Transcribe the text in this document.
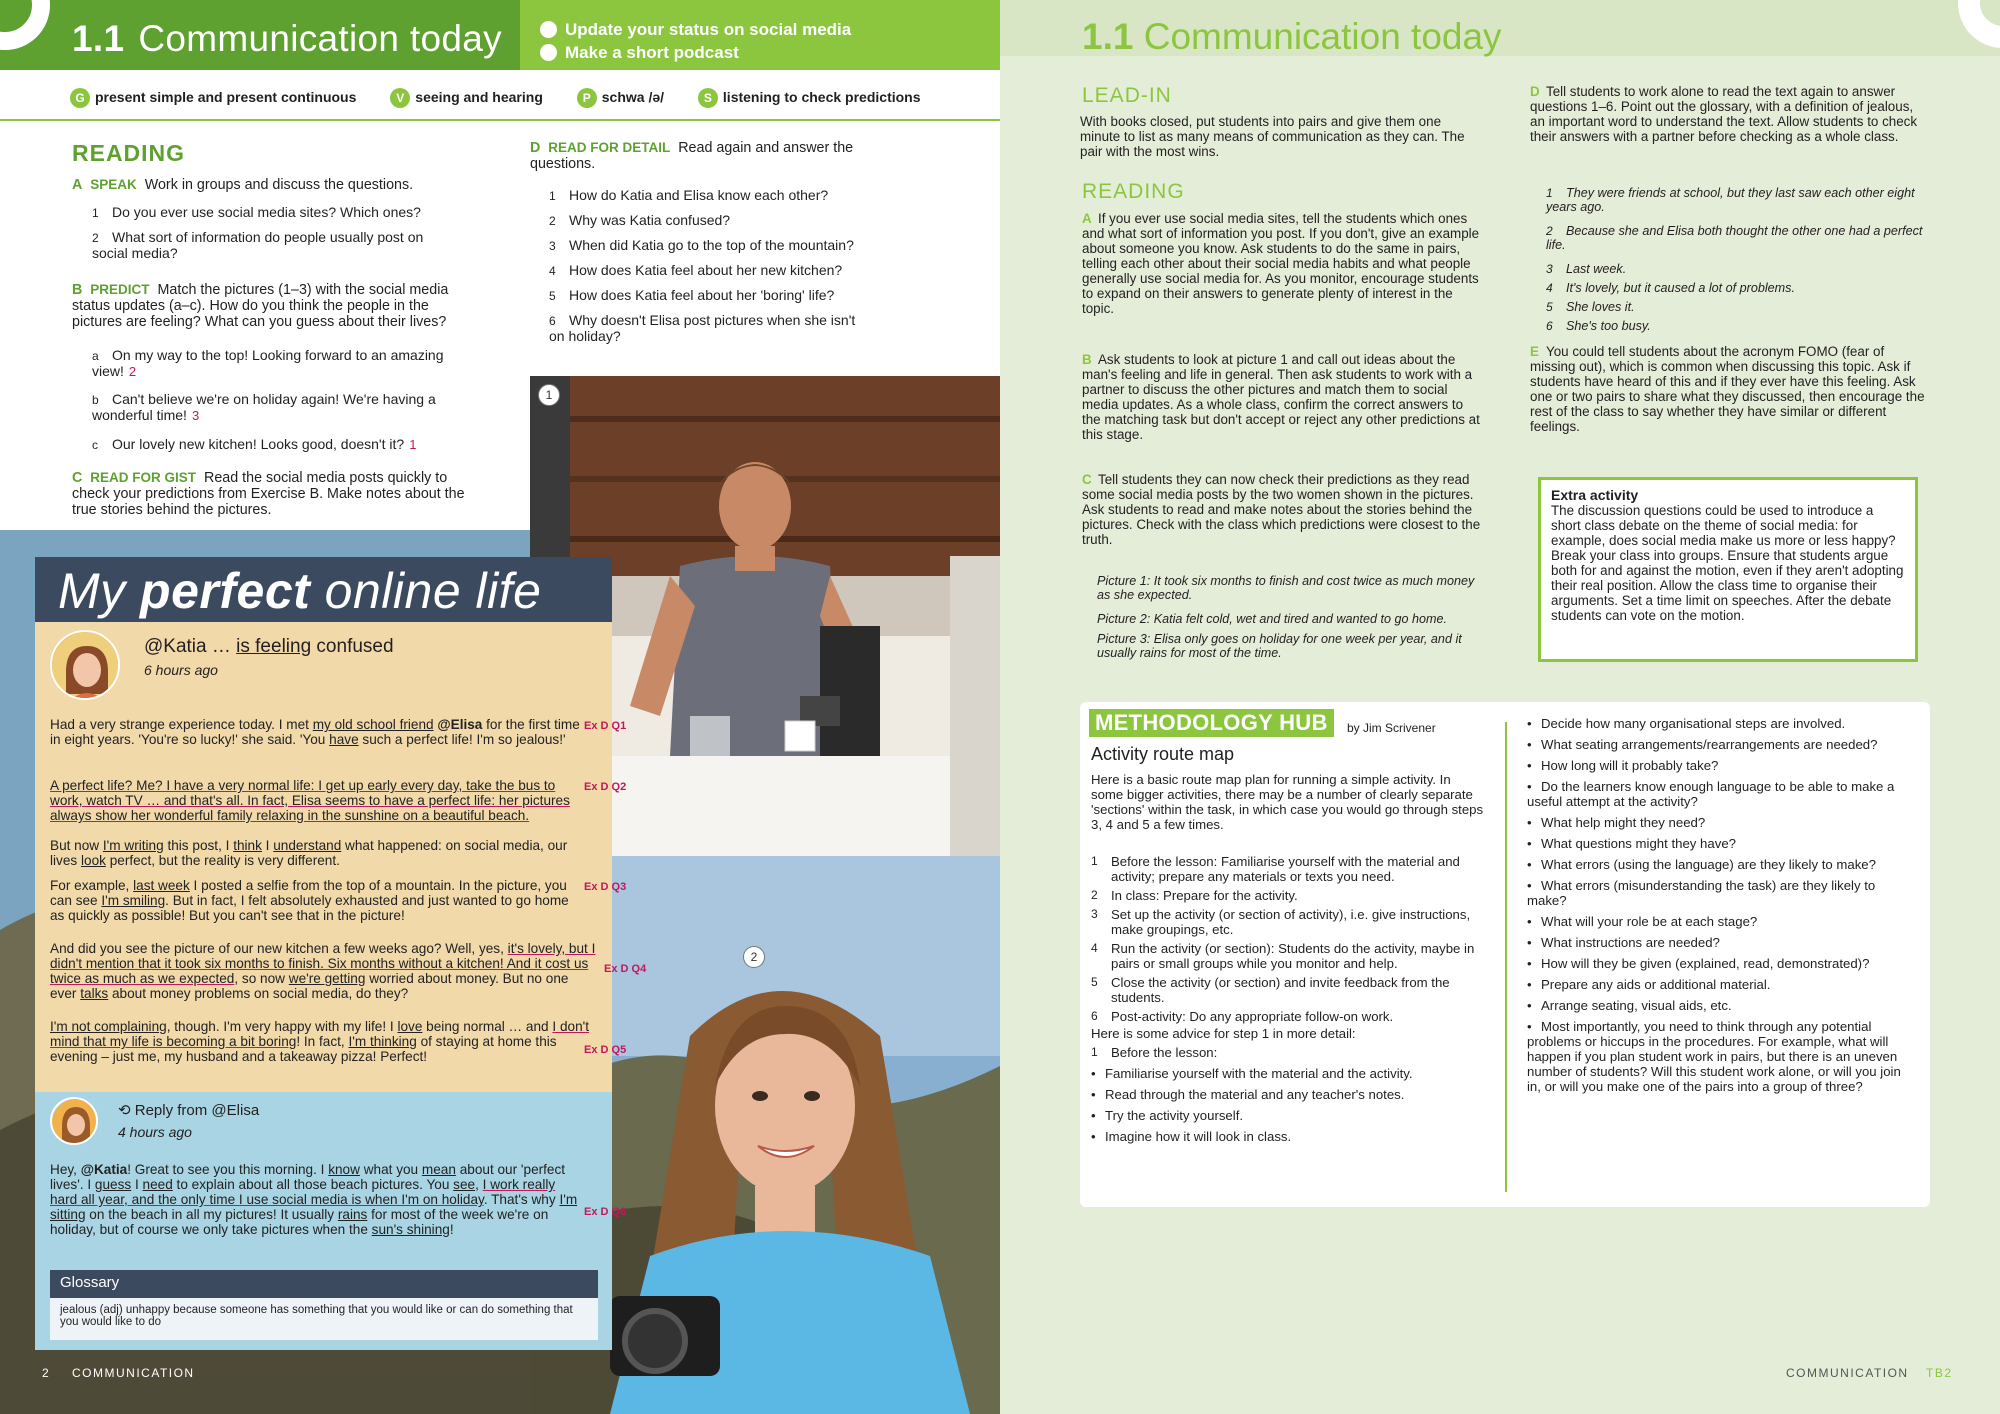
1.1 Communication today	Update your status on social media
Make a short podcast
G present simple and present continuous	V seeing and hearing	P schwa /ə/	S listening to check predictions
READING
A SPEAK Work in groups and discuss the questions.
1 Do you ever use social media sites? Which ones?
2 What sort of information do people usually post on social media?
B PREDICT Match the pictures (1–3) with the social media status updates (a–c). How do you think the people in the pictures are feeling? What can you guess about their lives?
a On my way to the top! Looking forward to an amazing view! 2
b Can't believe we're on holiday again! We're having a wonderful time! 3
c Our lovely new kitchen! Looks good, doesn't it? 1
C READ FOR GIST Read the social media posts quickly to check your predictions from Exercise B. Make notes about the true stories behind the pictures.
D READ FOR DETAIL Read again and answer the questions.
1 How do Katia and Elisa know each other?
2 Why was Katia confused?
3 When did Katia go to the top of the mountain?
4 How does Katia feel about her new kitchen?
5 How does Katia feel about her 'boring' life?
6 Why doesn't Elisa post pictures when she isn't on holiday?
1
2
My perfect online life
@Katia … is feeling confused
6 hours ago
Had a very strange experience today. I met my old school friend @Elisa for the first time in eight years. 'You're so lucky!' she said. 'You have such a perfect life! I'm so jealous!'
A perfect life? Me? I have a very normal life: I get up early every day, take the bus to work, watch TV … and that's all. In fact, Elisa seems to have a perfect life: her pictures always show her wonderful family relaxing in the sunshine on a beautiful beach.
But now I'm writing this post, I think I understand what happened: on social media, our lives look perfect, but the reality is very different.
For example, last week I posted a selfie from the top of a mountain. In the picture, you can see I'm smiling. But in fact, I felt absolutely exhausted and just wanted to go home as quickly as possible! But you can't see that in the picture!
And did you see the picture of our new kitchen a few weeks ago? Well, yes, it's lovely, but I didn't mention that it took six months to finish. Six months without a kitchen! And it cost us twice as much as we expected, so now we're getting worried about money. But no one ever talks about money problems on social media, do they?
I'm not complaining, though. I'm very happy with my life! I love being normal … and I don't mind that my life is becoming a bit boring! In fact, I'm thinking of staying at home this evening – just me, my husband and a takeaway pizza! Perfect!
Ex D Q1
Ex D Q2
Ex D Q3
Ex D Q4
Ex D Q5
⟲ Reply from @Elisa
4 hours ago
Hey, @Katia! Great to see you this morning. I know what you mean about our 'perfect lives'. I guess I need to explain about all those beach pictures. You see, I work really hard all year, and the only time I use social media is when I'm on holiday. That's why I'm sitting on the beach in all my pictures! It usually rains for most of the week we're on holiday, but of course we only take pictures when the sun's shining!
Ex D Q6
Glossary
jealous (adj) unhappy because someone has something that you would like or can do something that you would like to do
2 COMMUNICATION
1.1 Communication today
LEAD-IN
With books closed, put students into pairs and give them one minute to list as many means of communication as they can. The pair with the most wins.
READING
A If you ever use social media sites, tell the students which ones and what sort of information you post. If you don't, give an example about someone you know. Ask students to do the same in pairs, telling each other about their social media habits and what people generally use social media for. As you monitor, encourage students to expand on their answers to generate plenty of interest in the topic.
B Ask students to look at picture 1 and call out ideas about the man's feeling and life in general. Then ask students to work with a partner to discuss the other pictures and match them to social media updates. As a whole class, confirm the correct answers to the matching task but don't accept or reject any other predictions at this stage.
C Tell students they can now check their predictions as they read some social media posts by the two women shown in the pictures. Ask students to read and make notes about the stories behind the pictures. Check with the class which predictions were closest to the truth.
Picture 1: It took six months to finish and cost twice as much money as she expected.
Picture 2: Katia felt cold, wet and tired and wanted to go home.
Picture 3: Elisa only goes on holiday for one week per year, and it usually rains for most of the time.
D Tell students to work alone to read the text again to answer questions 1–6. Point out the glossary, with a definition of jealous, an important word to understand the text. Allow students to check their answers with a partner before checking as a whole class.
1 They were friends at school, but they last saw each other eight years ago.
2 Because she and Elisa both thought the other one had a perfect life.
3 Last week.
4 It's lovely, but it caused a lot of problems.
5 She loves it.
6 She's too busy.
E You could tell students about the acronym FOMO (fear of missing out), which is common when discussing this topic. Ask if students have heard of this and if they ever have this feeling. Ask one or two pairs to share what they discussed, then encourage the rest of the class to say whether they have similar or different feelings.
Extra activity
The discussion questions could be used to introduce a short class debate on the theme of social media: for example, does social media make us more or less happy? Break your class into groups. Ensure that students argue both for and against the motion, even if they aren't adopting their real position. Allow the class time to organise their arguments. Set a time limit on speeches. After the debate students can vote on the motion.
METHODOLOGY HUB	by Jim Scrivener
Activity route map
Here is a basic route map plan for running a simple activity. In some bigger activities, there may be a number of clearly separate 'sections' within the task, in which case you would go through steps 3, 4 and 5 a few times.
1	Before the lesson: Familiarise yourself with the material and activity; prepare any materials or texts you need.
2	In class: Prepare for the activity.
3	Set up the activity (or section of activity), i.e. give instructions, make groupings, etc.
4	Run the activity (or section): Students do the activity, maybe in pairs or small groups while you monitor and help.
5	Close the activity (or section) and invite feedback from the students.
6	Post-activity: Do any appropriate follow-on work.
Here is some advice for step 1 in more detail:
1	Before the lesson:
• Familiarise yourself with the material and the activity.
• Read through the material and any teacher's notes.
• Try the activity yourself.
• Imagine how it will look in class.
• Decide how many organisational steps are involved.
• What seating arrangements/rearrangements are needed?
• How long will it probably take?
• Do the learners know enough language to be able to make a useful attempt at the activity?
• What help might they need?
• What questions might they have?
• What errors (using the language) are they likely to make?
• What errors (misunderstanding the task) are they likely to make?
• What will your role be at each stage?
• What instructions are needed?
• How will they be given (explained, read, demonstrated)?
• Prepare any aids or additional material.
• Arrange seating, visual aids, etc.
• Most importantly, you need to think through any potential problems or hiccups in the procedures. For example, what will happen if you plan student work in pairs, but there is an uneven number of students? Will this student work alone, or will you join in, or will you make one of the pairs into a group of three?
COMMUNICATION TB2
